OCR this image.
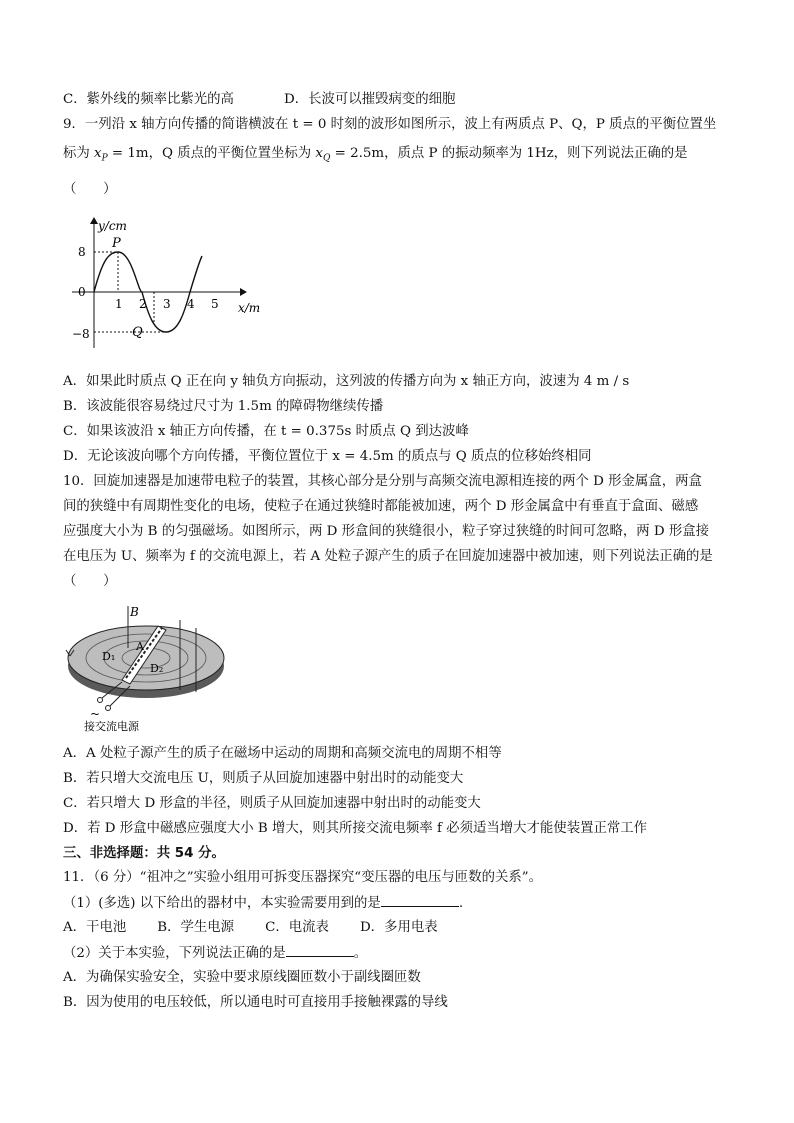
C．紫外线的频率比紫光的高	D．长波可以摧毁病变的细胞
9．一列沿 x 轴方向传播的简谐横波在 t = 0 时刻的波形如图所示，波上有两质点 P、Q，P 质点的平衡位置坐
标为 $x_P = 1m$，Q 质点的平衡位置坐标为 $x_Q = 2.5m$，质点 P 的振动频率为 1Hz，则下列说法正确的是
（　　）
y/cm
x/m
8
0
−8
P
Q
1 2 3 4 5
A．如果此时质点 Q 正在向 y 轴负方向振动，这列波的传播方向为 x 轴正方向，波速为 4 m / s
B．该波能很容易绕过尺寸为 1.5m 的障碍物继续传播
C．如果该波沿 x 轴正方向传播，在 t = 0.375s 时质点 Q 到达波峰
D．无论该波向哪个方向传播，平衡位置位于 x = 4.5m 的质点与 Q 质点的位移始终相同
10．回旋加速器是加速带电粒子的装置，其核心部分是分别与高频交流电源相连接的两个 D 形金属盒，两盒
间的狭缝中有周期性变化的电场，使粒子在通过狭缝时都能被加速，两个 D 形金属盒中有垂直于盒面、磁感
应强度大小为 B 的匀强磁场。如图所示，两 D 形盒间的狭缝很小，粒子穿过狭缝的时间可忽略，两 D 形盒接
在电压为 U、频率为 f 的交流电源上，若 A 处粒子源产生的质子在回旋加速器中被加速，则下列说法正确的是
（　　）
B
A
D₁
D₂
~
接交流电源
A．A 处粒子源产生的质子在磁场中运动的周期和高频交流电的周期不相等
B．若只增大交流电压 U，则质子从回旋加速器中射出时的动能变大
C．若只增大 D 形盒的半径，则质子从回旋加速器中射出时的动能变大
D．若 D 形盒中磁感应强度大小 B 增大，则其所接交流电频率 f 必须适当增大才能使装置正常工作
三、非选择题：共 54 分。
11．（6 分）“祖冲之”实验小组用可拆变压器探究“变压器的电压与匝数的关系”。
（1）(多选) 以下给出的器材中，本实验需要用到的是	.
A．干电池　　 B．学生电源　　 C．电流表　　 D．多用电表
（2）关于本实验，下列说法正确的是	。
A．为确保实验安全，实验中要求原线圈匝数小于副线圈匝数
B．因为使用的电压较低，所以通电时可直接用手接触裸露的导线
